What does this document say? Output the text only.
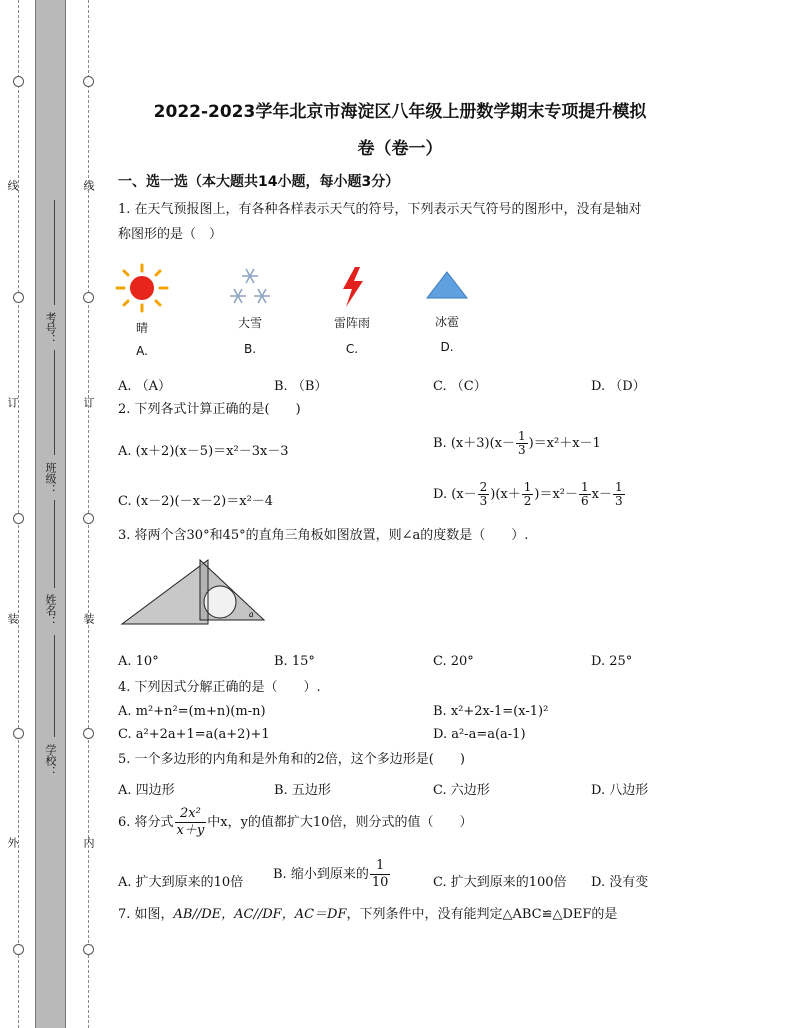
线
订
装
外
线
订
装
内
考号：
班级：
姓名：
学校：
2022-2023学年北京市海淀区八年级上册数学期末专项提升模拟
卷（卷一）
一、选一选（本大题共14小题，每小题3分）
1. 在天气预报图上，有各种各样表示天气的符号，下列表示天气符号的图形中，没有是轴对
称图形的是（　）
晴
A.
大雪
B.
雷阵雨
C.
冰雹
D.
A. （A）	B. （B）	C. （C）	D. （D）
2. 下列各式计算正确的是(　　)
A. (x＋2)(x－5)＝x²－3x－3
B. $(x+3)(x- \frac{1}{3} )=x^2+x-1$
C. (x－2)(－x－2)＝x²－4	D. $(x- \frac{2}{3} )(x+ \frac{1}{2} )=x^2- \frac{1}{6} x- \frac{1}{3}$
3. 将两个含30°和45°的直角三角板如图放置，则∠a的度数是（　　）.
a
A. 10°	B. 15°	C. 20°	D. 25°
4. 下列因式分解正确的是（　　）.
A. m²+n²=(m+n)(m-n)	B. x²+2x-1=(x-1)²
C. a²+2a+1=a(a+2)+1	D. a²-a=a(a-1)
5. 一个多边形的内角和是外角和的2倍，这个多边形是(　　)
A. 四边形	B. 五边形	C. 六边形	D. 八边形
6. 将分式 $\frac{\text{2x²}}{x+y}$ 中x，y的值都扩大10倍，则分式的值（　　）
A. 扩大到原来的10倍
B. 缩小到原来的 $\frac{1}{10}$	C. 扩大到原来的100倍 D. 没有变
7. 如图，AB//DE，AC//DF，AC＝DF，下列条件中，没有能判定△ABC≌△DEF的是
